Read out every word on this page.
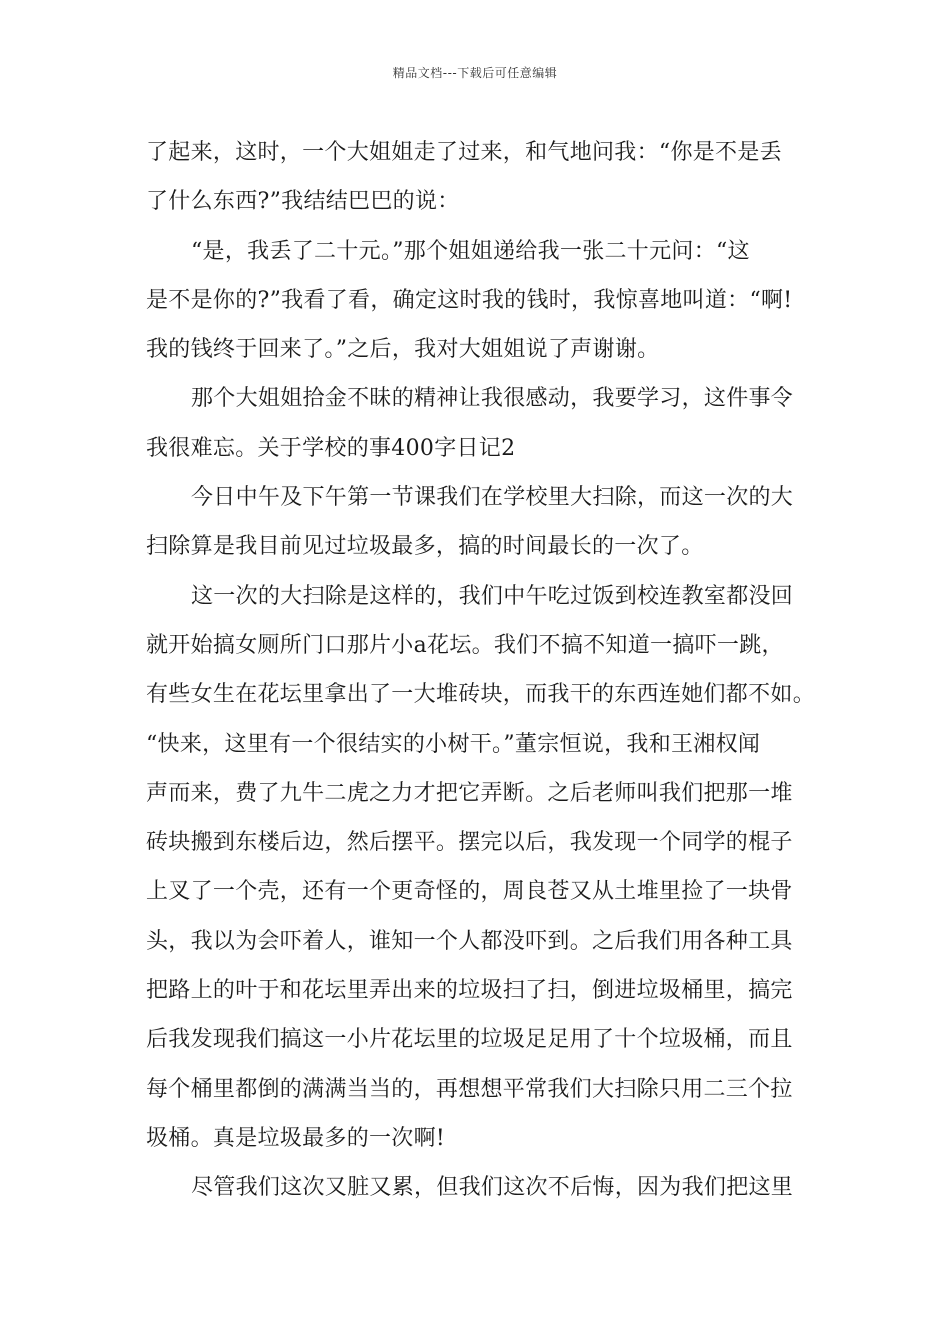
精品文档---下载后可任意编辑
了起来，这时，一个大姐姐走了过来，和气地问我：“你是不是丢
了什么东西?”我结结巴巴的说：
“是，我丢了二十元。”那个姐姐递给我一张二十元问：“这
是不是你的?”我看了看，确定这时我的钱时，我惊喜地叫道：“啊!
我的钱终于回来了。”之后，我对大姐姐说了声谢谢。
那个大姐姐拾金不昧的精神让我很感动，我要学习，这件事令
我很难忘。关于学校的事400字日记2
今日中午及下午第一节课我们在学校里大扫除，而这一次的大
扫除算是我目前见过垃圾最多，搞的时间最长的一次了。
这一次的大扫除是这样的，我们中午吃过饭到校连教室都没回
就开始搞女厕所门口那片小a花坛。我们不搞不知道一搞吓一跳，
有些女生在花坛里拿出了一大堆砖块，而我干的东西连她们都不如。
“快来，这里有一个很结实的小树干。”董宗恒说，我和王湘权闻
声而来，费了九牛二虎之力才把它弄断。之后老师叫我们把那一堆
砖块搬到东楼后边，然后摆平。摆完以后，我发现一个同学的棍子
上叉了一个壳，还有一个更奇怪的，周良苍又从土堆里捡了一块骨
头，我以为会吓着人，谁知一个人都没吓到。之后我们用各种工具
把路上的叶于和花坛里弄出来的垃圾扫了扫，倒进垃圾桶里，搞完
后我发现我们搞这一小片花坛里的垃圾足足用了十个垃圾桶，而且
每个桶里都倒的满满当当的，再想想平常我们大扫除只用二三个拉
圾桶。真是垃圾最多的一次啊!
尽管我们这次又脏又累，但我们这次不后悔，因为我们把这里
